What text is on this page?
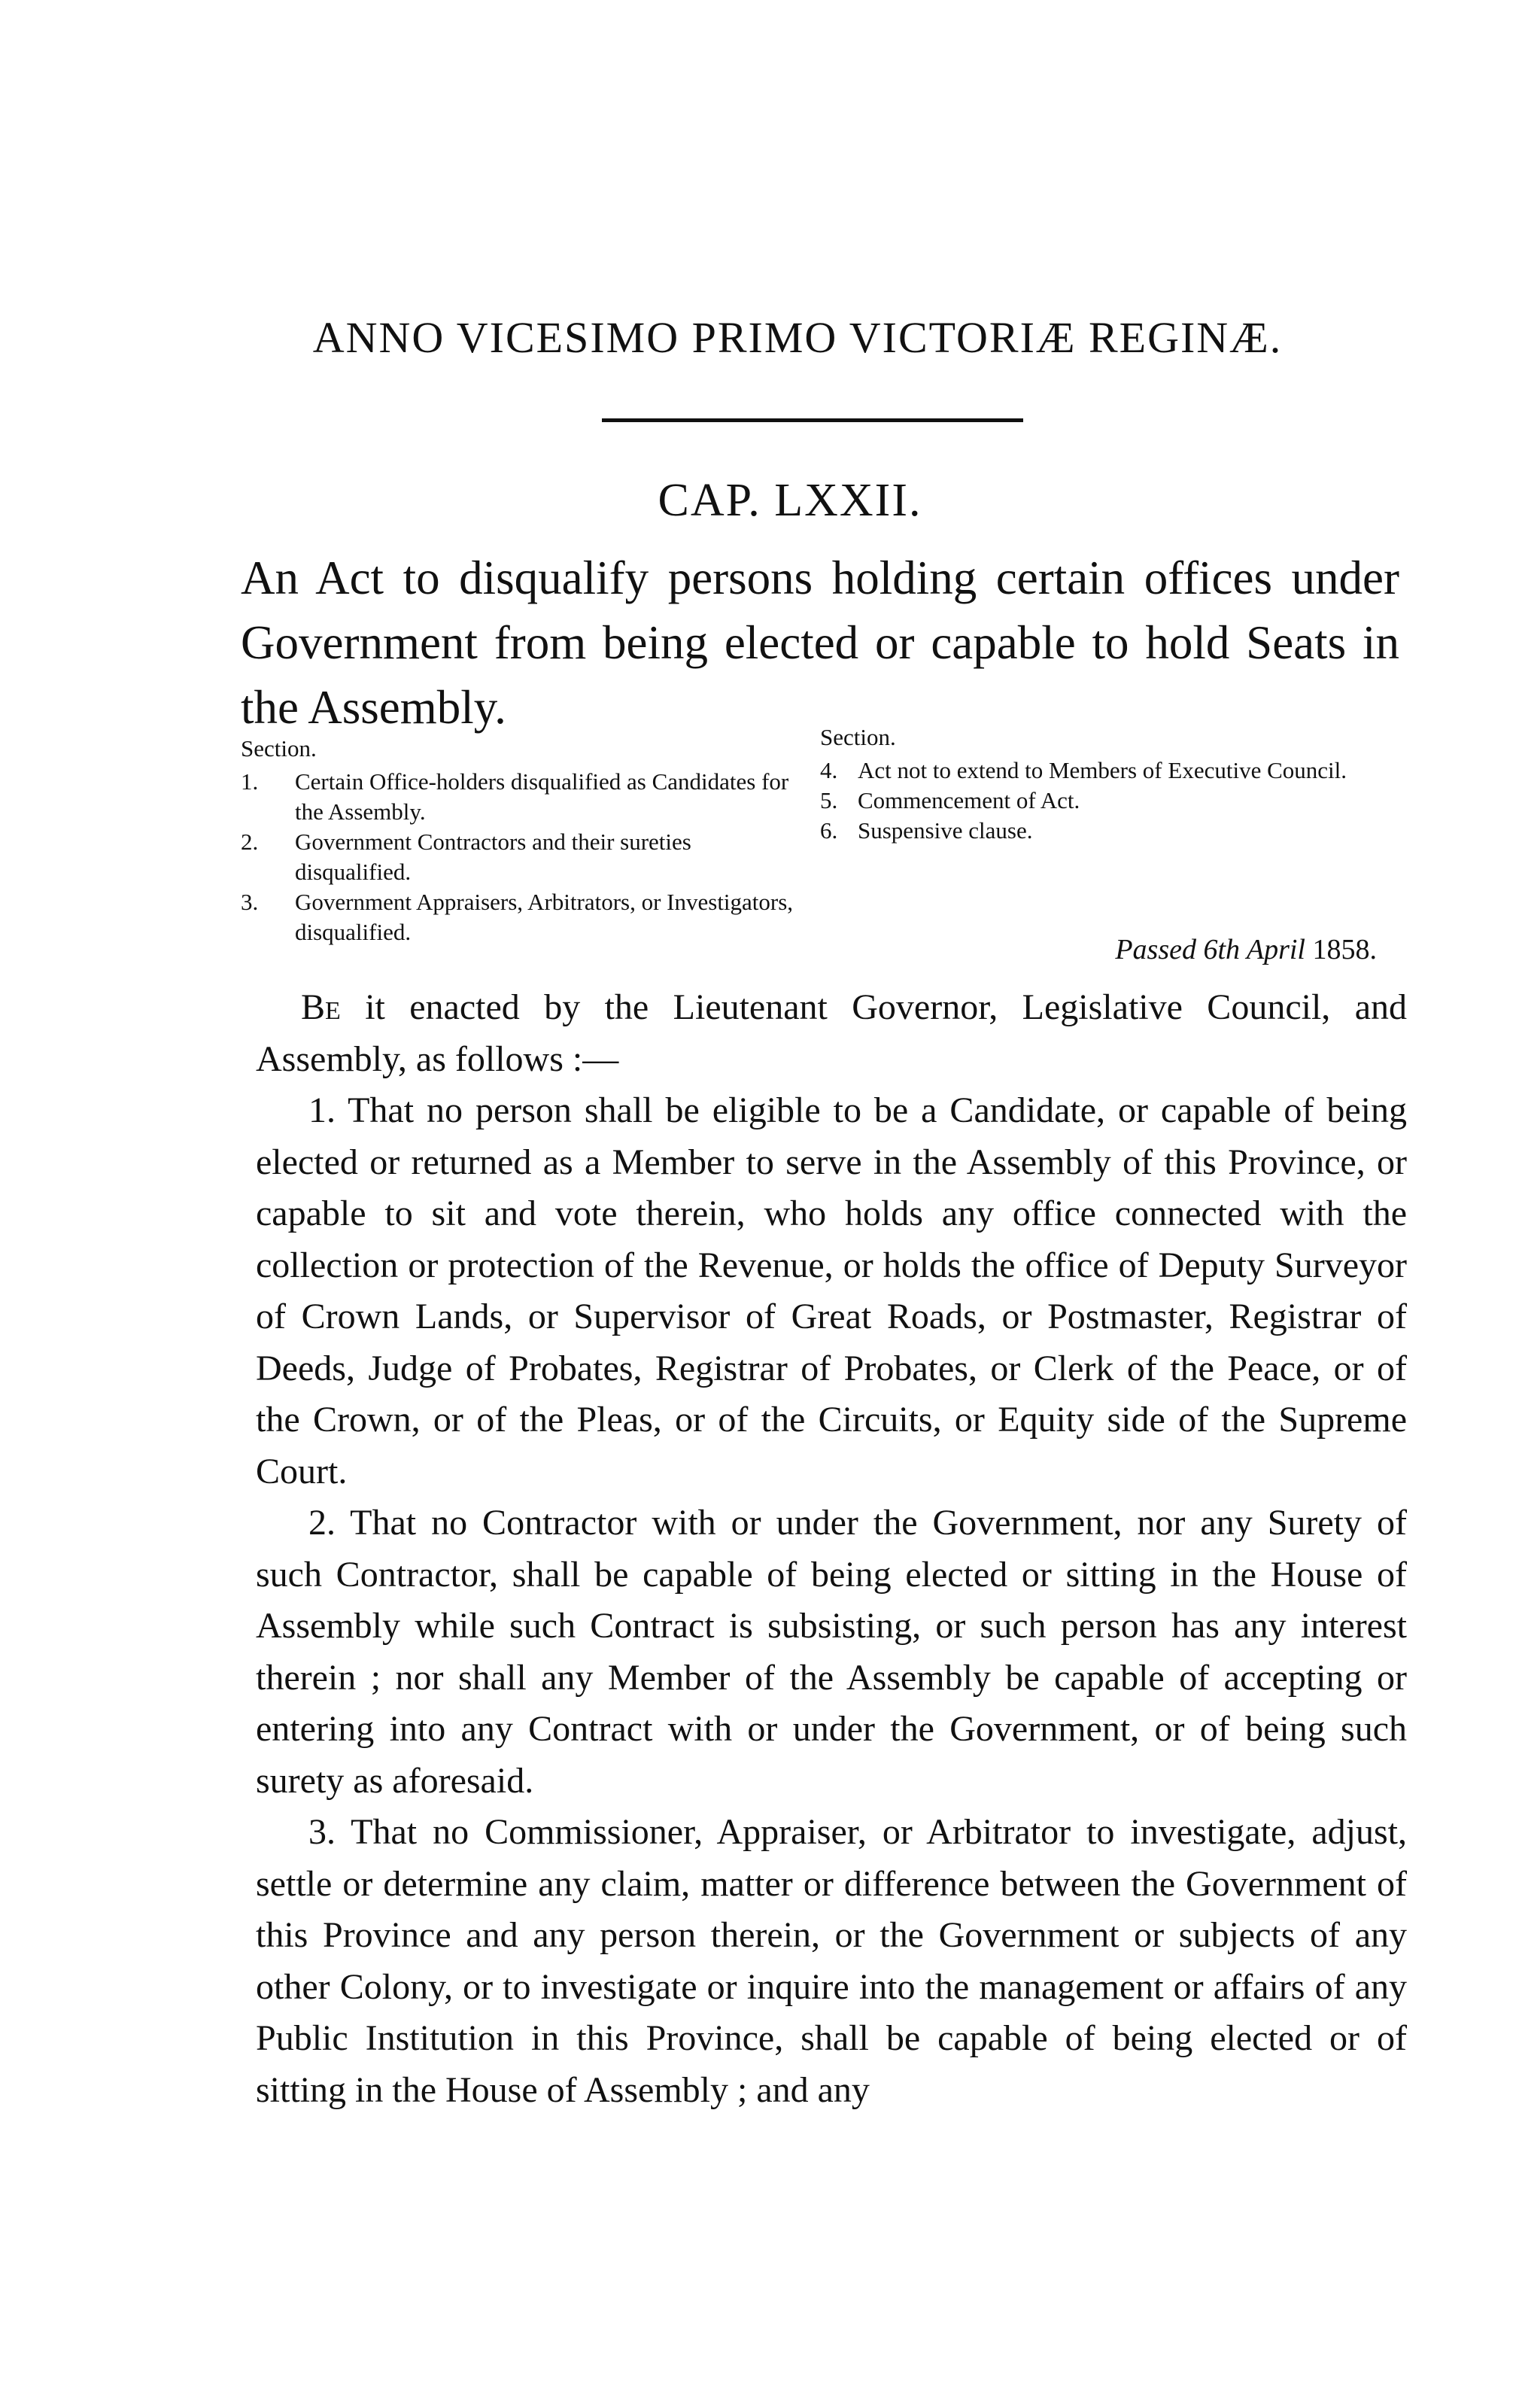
ANNO VICESIMO PRIMO VICTORIÆ REGINÆ.
CAP. LXXII.
An Act to disqualify persons holding certain offices under Government from being elected or capable to hold Seats in the Assembly.
Section.
1. Certain Office-holders disqualified as Candidates for the Assembly.
2. Government Contractors and their sureties disqualified.
3. Government Appraisers, Arbitrators, or Investigators, disqualified.
Section.
4. Act not to extend to Members of Executive Council.
5. Commencement of Act.
6. Suspensive clause.
Passed 6th April 1858.

Be it enacted by the Lieutenant Governor, Legislative Council, and Assembly, as follows :—

1. That no person shall be eligible to be a Candidate, or capable of being elected or returned as a Member to serve in the Assembly of this Province, or capable to sit and vote therein, who holds any office connected with the collection or protection of the Revenue, or holds the office of Deputy Surveyor of Crown Lands, or Supervisor of Great Roads, or Postmaster, Registrar of Deeds, Judge of Probates, Registrar of Probates, or Clerk of the Peace, or of the Crown, or of the Pleas, or of the Circuits, or Equity side of the Supreme Court.

2. That no Contractor with or under the Government, nor any Surety of such Contractor, shall be capable of being elected or sitting in the House of Assembly while such Contract is subsisting, or such person has any interest therein ; nor shall any Member of the Assembly be capable of accepting or entering into any Contract with or under the Government, or of being such surety as aforesaid.

3. That no Commissioner, Appraiser, or Arbitrator to investigate, adjust, settle or determine any claim, matter or difference between the Government of this Province and any person therein, or the Government or subjects of any other Colony, or to investigate or inquire into the management or affairs of any Public Institution in this Province, shall be capable of being elected or of sitting in the House of Assembly ; and any
